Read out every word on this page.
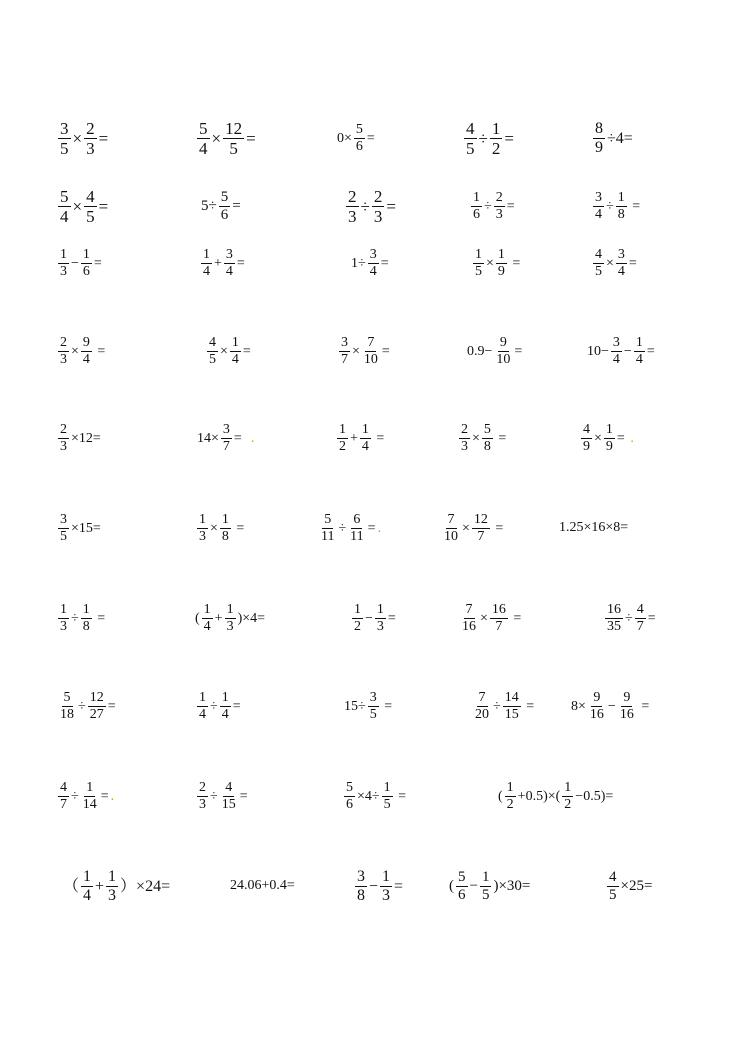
$\frac{3}{5} \times \frac{2}{3}$ =	$\frac{5}{4} \times \frac{12}{5}$ =	$0\times \frac{5}{6}$ =	$\frac{4}{5} \div \frac{1}{2}$ =	$\frac{8}{9} \div 4=$
$\frac{5}{4} \times \frac{4}{5}$ =	$5\div \frac{5}{6}$ =	$\frac{2}{3} \div \frac{2}{3}$ =	$\frac{1}{6} \div \frac{2}{3}$ =	$\frac{3}{4} \div \frac{1}{8}$ =
$\frac{1}{3} - \frac{1}{6}$ =	$\frac{1}{4} + \frac{3}{4}$ =	$1\div \frac{3}{4}$ =	$\frac{1}{5} \times \frac{1}{9}$ =	$\frac{4}{5} \times \frac{3}{4}$ =
$\frac{2}{3} \times \frac{9}{4}$ =	$\frac{4}{5} \times \frac{1}{4}$ =	$\frac{3}{7} \times \frac{7}{10}$ =	$0.9- \frac{9}{10}$ =	$10- \frac{3}{4} - \frac{1}{4}$ =
$\frac{2}{3} \times 12=$	$14\times \frac{3}{7}$ = .	$\frac{1}{2} + \frac{1}{4}$ =	$\frac{2}{3} \times \frac{5}{8}$ =	$\frac{4}{9} \times \frac{1}{9}$ = .
$\frac{3}{5} \times 15=$	$\frac{1}{3} \times \frac{1}{8}$ =	$\frac{5}{11} \div \frac{6}{11}$ = .	$\frac{7}{10} \times \frac{12}{7}$ =	1.25×16×8=
$\frac{1}{3} \div \frac{1}{8}$ =	( $\frac{1}{4} + \frac{1}{3} )\times 4=$	$\frac{1}{2} - \frac{1}{3}$ =	$\frac{7}{16} \times \frac{16}{7}$ =	$\frac{16}{35} \div \frac{4}{7}$ =
$\frac{5}{18} \div \frac{12}{27}$ =	$\frac{1}{4} \div \frac{1}{4}$ =	$15\div \frac{3}{5}$ =	$\frac{7}{20} \div \frac{14}{15}$ =	$8\times \frac{9}{16} - \frac{9}{16}$ =
$\frac{4}{7} \div \frac{1}{14}$ = .	$\frac{2}{3} \div \frac{4}{15}$ =	$\frac{5}{6} \times 4\div \frac{1}{5}$ =	( $\frac{1}{2} +0.5)\times( \frac{1}{2} -0.5)=$
（ $\frac{1}{4} + \frac{1}{3} )\times 24=$	24.06+0.4=	$\frac{3}{8} - \frac{1}{3}$ =	( $\frac{5}{6} - \frac{1}{5} )\times 30=$	$\frac{4}{5} \times 25=$
